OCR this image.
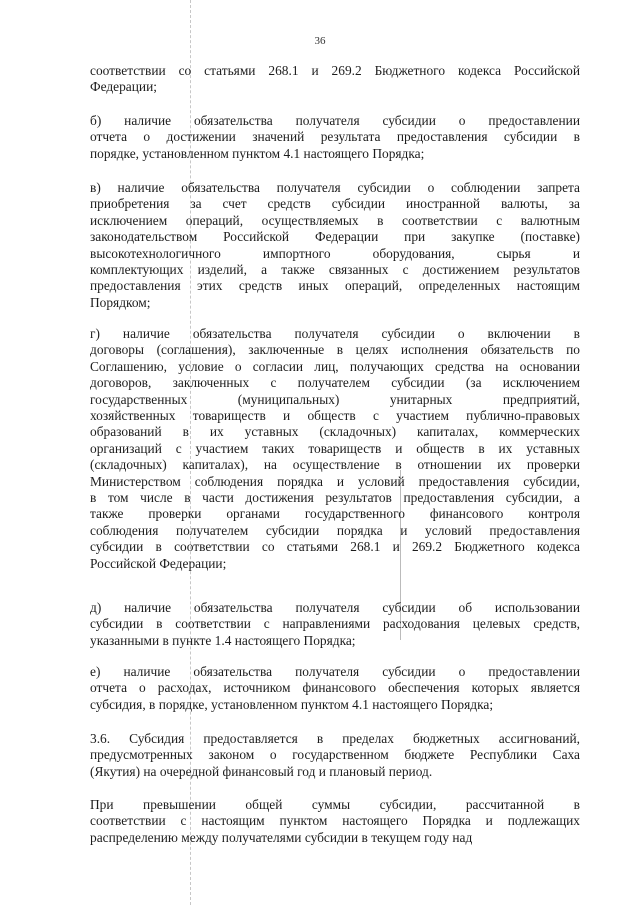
36
соответствии со статьями 268.1 и 269.2 Бюджетного кодекса Российской
Федерации;
б) наличие обязательства получателя субсидии о предоставлении
отчета о достижении значений результата предоставления субсидии в
порядке, установленном пунктом 4.1 настоящего Порядка;
в) наличие обязательства получателя субсидии о соблюдении запрета
приобретения за счет средств субсидии иностранной валюты, за
исключением операций, осуществляемых в соответствии с валютным
законодательством Российской Федерации при закупке (поставке)
высокотехнологичного импортного оборудования, сырья и
комплектующих изделий, а также связанных с достижением результатов
предоставления этих средств иных операций, определенных настоящим
Порядком;
г) наличие обязательства получателя субсидии о включении в
договоры (соглашения), заключенные в целях исполнения обязательств по
Соглашению, условие о согласии лиц, получающих средства на основании
договоров, заключенных с получателем субсидии (за исключением
государственных (муниципальных) унитарных предприятий,
хозяйственных товариществ и обществ с участием публично-правовых
образований в их уставных (складочных) капиталах, коммерческих
организаций с участием таких товариществ и обществ в их уставных
(складочных) капиталах), на осуществление в отношении их проверки
Министерством соблюдения порядка и условий предоставления субсидии,
в том числе в части достижения результатов предоставления субсидии, а
также проверки органами государственного финансового контроля
соблюдения получателем субсидии порядка и условий предоставления
субсидии в соответствии со статьями 268.1 и 269.2 Бюджетного кодекса
Российской Федерации;
д) наличие обязательства получателя субсидии об использовании
субсидии в соответствии с направлениями расходования целевых средств,
указанными в пункте 1.4 настоящего Порядка;
е) наличие обязательства получателя субсидии о предоставлении
отчета о расходах, источником финансового обеспечения которых является
субсидия, в порядке, установленном пунктом 4.1 настоящего Порядка;
3.6. Субсидия предоставляется в пределах бюджетных ассигнований,
предусмотренных законом о государственном бюджете Республики Саха
(Якутия) на очередной финансовый год и плановый период.
При превышении общей суммы субсидии, рассчитанной в
соответствии с настоящим пунктом настоящего Порядка и подлежащих
распределению между получателями субсидии в текущем году над
